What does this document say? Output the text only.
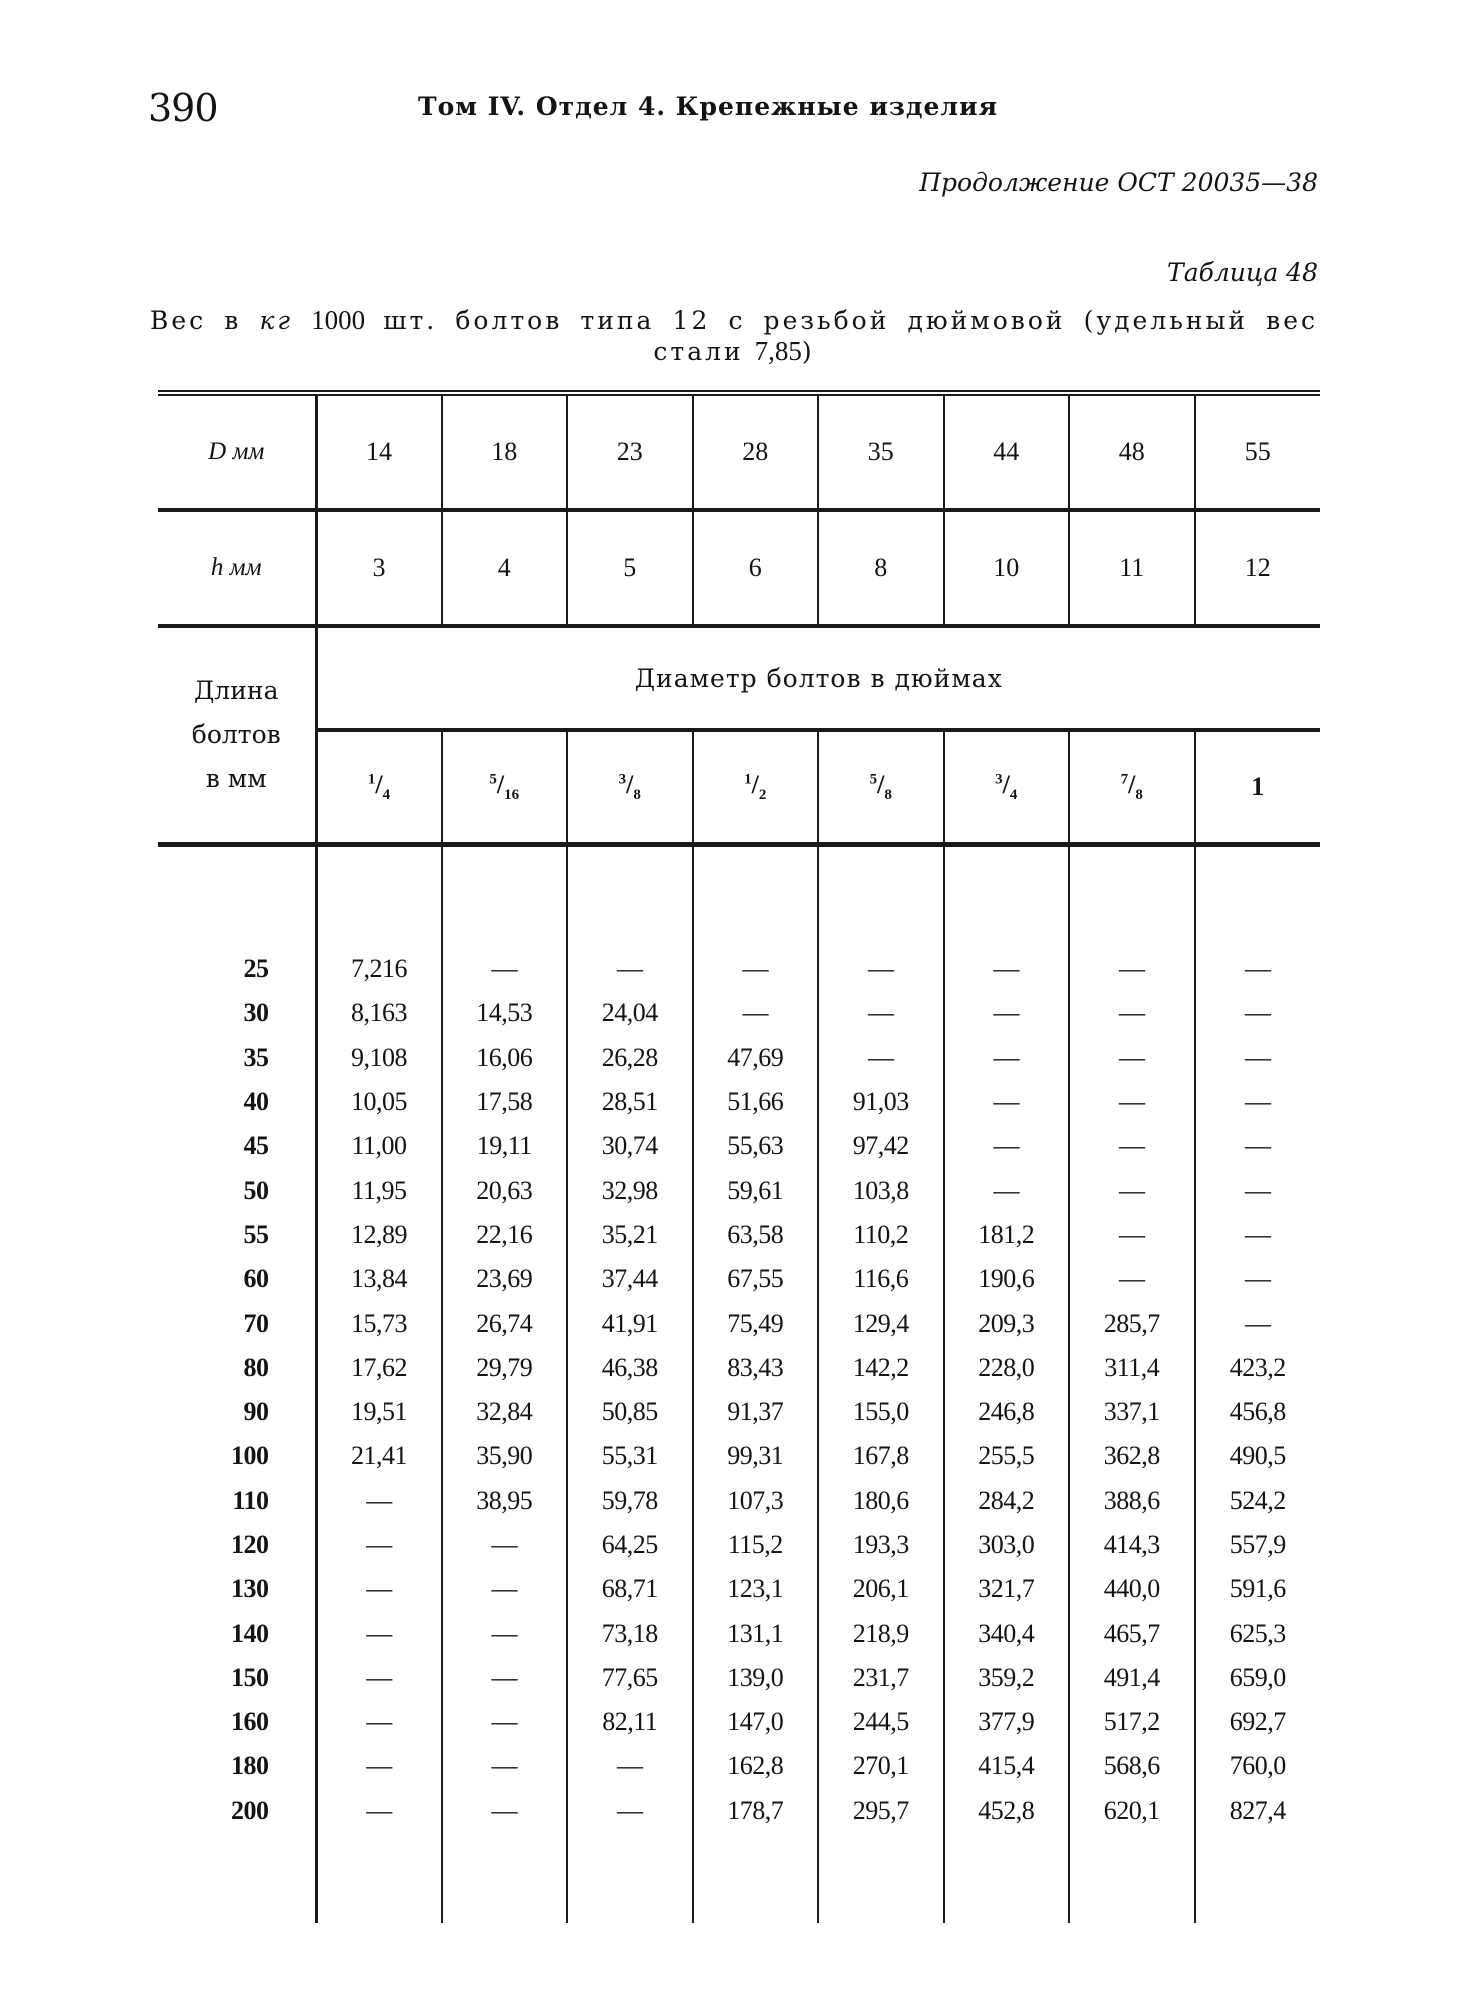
390	Том IV. Отдел 4. Крепежные изделия
Продолжение ОСТ 20035—38
Таблица 48
Вес в кг 1000 шт. болтов типа 12 с резьбой дюймовой (удельный вес стали 7,85)

D мм	14	18	23	28	35	44	48	55

h мм	3	4	5	6	8	10	11	12

Длина
болтов
в мм	Диаметр болтов в дюймах							

	$^1/_4$	$^5/_{16}$	$^3/_8$	$^1/_2$	$^5/_8$	$^3/_4$	$^7/_8$	1

25	7,216	—	—	—	—	—	—	—
30	8,163	14,53	24,04	—	—	—	—	—
35	9,108	16,06	26,28	47,69	—	—	—	—
40	10,05	17,58	28,51	51,66	91,03	—	—	—
45	11,00	19,11	30,74	55,63	97,42	—	—	—
50	11,95	20,63	32,98	59,61	103,8	—	—	—
55	12,89	22,16	35,21	63,58	110,2	181,2	—	—
60	13,84	23,69	37,44	67,55	116,6	190,6	—	—
70	15,73	26,74	41,91	75,49	129,4	209,3	285,7	—
80	17,62	29,79	46,38	83,43	142,2	228,0	311,4	423,2
90	19,51	32,84	50,85	91,37	155,0	246,8	337,1	456,8
100	21,41	35,90	55,31	99,31	167,8	255,5	362,8	490,5
110	—	38,95	59,78	107,3	180,6	284,2	388,6	524,2
120	—	—	64,25	115,2	193,3	303,0	414,3	557,9
130	—	—	68,71	123,1	206,1	321,7	440,0	591,6
140	—	—	73,18	131,1	218,9	340,4	465,7	625,3
150	—	—	77,65	139,0	231,7	359,2	491,4	659,0
160	—	—	82,11	147,0	244,5	377,9	517,2	692,7
180	—	—	—	162,8	270,1	415,4	568,6	760,0
200	—	—	—	178,7	295,7	452,8	620,1	827,4
